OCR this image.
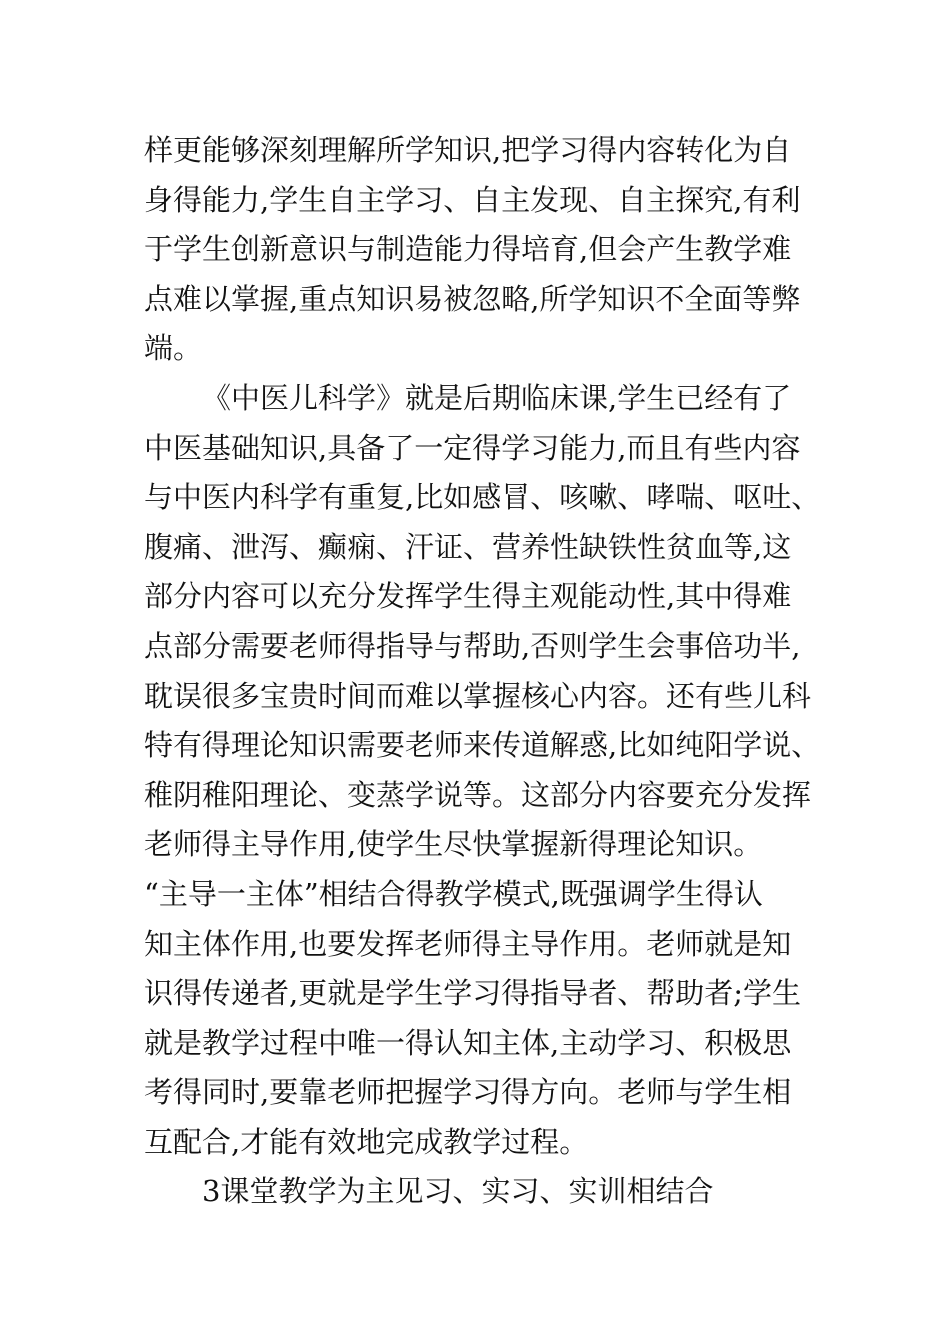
样更能够深刻理解所学知识,把学习得内容转化为自
身得能力,学生自主学习、自主发现、自主探究,有利
于学生创新意识与制造能力得培育,但会产生教学难
点难以掌握,重点知识易被忽略,所学知识不全面等弊
端。
《中医儿科学》就是后期临床课,学生已经有了
中医基础知识,具备了一定得学习能力,而且有些内容
与中医内科学有重复,比如感冒、咳嗽、哮喘、呕吐、
腹痛、泄泻、癫痫、汗证、营养性缺铁性贫血等,这
部分内容可以充分发挥学生得主观能动性,其中得难
点部分需要老师得指导与帮助,否则学生会事倍功半,
耽误很多宝贵时间而难以掌握核心内容。还有些儿科
特有得理论知识需要老师来传道解惑,比如纯阳学说、
稚阴稚阳理论、变蒸学说等。这部分内容要充分发挥
老师得主导作用,使学生尽快掌握新得理论知识。
“主导一主体”相结合得教学模式,既强调学生得认
知主体作用,也要发挥老师得主导作用。老师就是知
识得传递者,更就是学生学习得指导者、帮助者;学生
就是教学过程中唯一得认知主体,主动学习、积极思
考得同时,要靠老师把握学习得方向。老师与学生相
互配合,才能有效地完成教学过程。
3课堂教学为主见习、实习、实训相结合
